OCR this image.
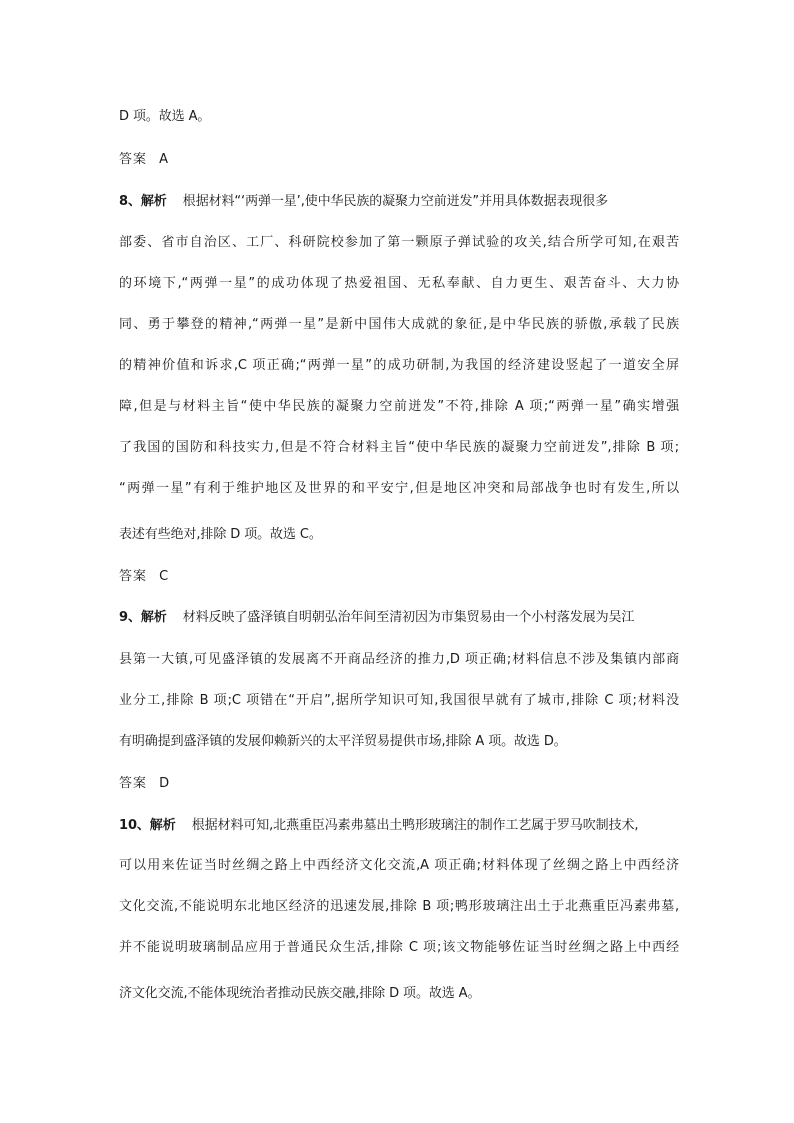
D 项。故选 A。
答案 A
8、解析 根据材料“‘两弹一星’,使中华民族的凝聚力空前迸发”并用具体数据表现很多
部委、省市自治区、工厂、科研院校参加了第一颗原子弹试验的攻关,结合所学可知,在艰苦
的环境下,“两弹一星”的成功体现了热爱祖国、无私奉献、自力更生、艰苦奋斗、大力协
同、勇于攀登的精神,“两弹一星”是新中国伟大成就的象征,是中华民族的骄傲,承载了民族
的精神价值和诉求,C 项正确;“两弹一星”的成功研制,为我国的经济建设竖起了一道安全屏
障,但是与材料主旨“使中华民族的凝聚力空前迸发”不符,排除 A 项;“两弹一星”确实增强
了我国的国防和科技实力,但是不符合材料主旨“使中华民族的凝聚力空前迸发”,排除 B 项;
“两弹一星”有利于维护地区及世界的和平安宁,但是地区冲突和局部战争也时有发生,所以
表述有些绝对,排除 D 项。故选 C。
答案 C
9、解析 材料反映了盛泽镇自明朝弘治年间至清初因为市集贸易由一个小村落发展为吴江
县第一大镇,可见盛泽镇的发展离不开商品经济的推力,D 项正确;材料信息不涉及集镇内部商
业分工,排除 B 项;C 项错在“开启”,据所学知识可知,我国很早就有了城市,排除 C 项;材料没
有明确提到盛泽镇的发展仰赖新兴的太平洋贸易提供市场,排除 A 项。故选 D。
答案 D
10、解析 根据材料可知,北燕重臣冯素弗墓出土鸭形玻璃注的制作工艺属于罗马吹制技术,
可以用来佐证当时丝绸之路上中西经济文化交流,A 项正确;材料体现了丝绸之路上中西经济
文化交流,不能说明东北地区经济的迅速发展,排除 B 项;鸭形玻璃注出土于北燕重臣冯素弗墓,
并不能说明玻璃制品应用于普通民众生活,排除 C 项;该文物能够佐证当时丝绸之路上中西经
济文化交流,不能体现统治者推动民族交融,排除 D 项。故选 A。
